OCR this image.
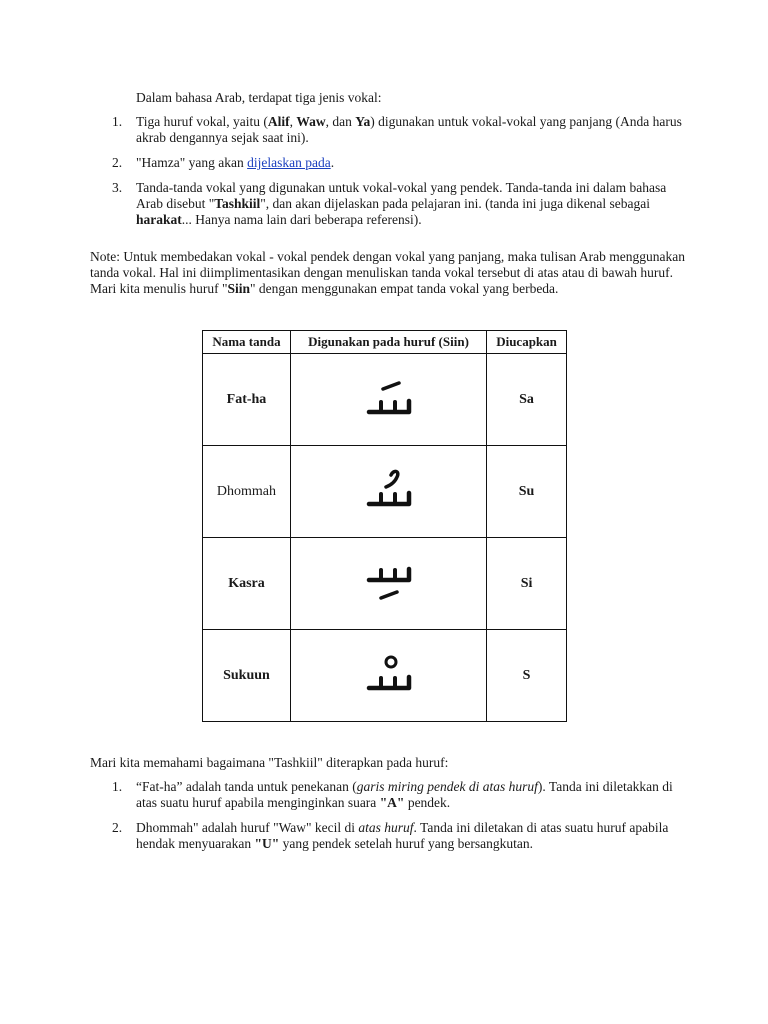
Dalam bahasa Arab, terdapat tiga jenis vokal:
1.	Tiga huruf vokal, yaitu (Alif, Waw, dan Ya) digunakan untuk vokal-vokal yang panjang (Anda harus akrab dengannya sejak saat ini).
2.	"Hamza" yang akan dijelaskan pada.
3.	Tanda-tanda vokal yang digunakan untuk vokal-vokal yang pendek. Tanda-tanda ini dalam bahasa Arab disebut "Tashkiil", dan akan dijelaskan pada pelajaran ini. (tanda ini juga dikenal sebagai harakat... Hanya nama lain dari beberapa referensi).
Note: Untuk membedakan vokal - vokal pendek dengan vokal yang panjang, maka tulisan Arab menggunakan tanda vokal. Hal ini diimplimentasikan dengan menuliskan tanda vokal tersebut di atas atau di bawah huruf. Mari kita menulis huruf "Siin" dengan menggunakan empat tanda vokal yang berbeda.
Nama tanda	Digunakan pada huruf (Siin)	Diucapkan
Fat-ha		Sa
Dhommah		Su
Kasra		Si
Sukuun		S
Mari kita memahami bagaimana "Tashkiil" diterapkan pada huruf:
1.	“Fat-ha” adalah tanda untuk penekanan (garis miring pendek di atas huruf). Tanda ini diletakkan di atas suatu huruf apabila menginginkan suara "A" pendek.
2.	Dhommah" adalah huruf "Waw" kecil di atas huruf. Tanda ini diletakan di atas suatu huruf apabila hendak menyuarakan "U" yang pendek setelah huruf yang bersangkutan.
